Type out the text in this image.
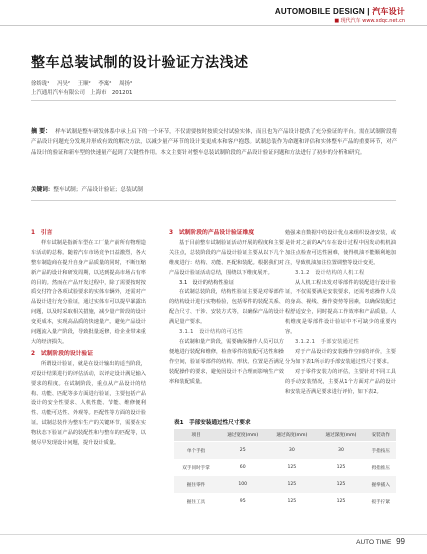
AUTOMOBILE DESIGN | 汽车设计
■ 现代汽车 www.xdqc.net.cn
整车总装试制的设计验证方法浅述
徐娇珑¹ 冯昊² 王顺² 李寓² 周扬³
上汽通用汽车有限公司　上海市　201201
摘 要： 样车试制是整车研发体系中承上启下的一个环节，不仅需要按时按质交付试验实体，而且也为产品设计提供了充分验证的平台。需在试制阶段将产品设计问题充分发现并形成有效的解决方法，以减少量产环节的设计变更成本和客户抱怨。试制总装作为命题和评估和实体整车产品的重要环节，对产品设计的验证和新车型的快速量产起到了关键性作用。本文主要针对整车总装试制阶段的产品设计验证问题和方法进行了初步的分析和研究。
关键词：整车试制；产品设计验证；总装试制
1　引言

样车试制是指新车型在工厂量产前所有物理造车活动的总称。随着汽车市场竞争日益激烈，各大整车制造商在提升自身产品质量的同时，不断压缩新产品的设计和研发周期，以达到提高市场占有率的目的。然而在产品开发过程中，除了需要按时按质交付符合各项试验要求的实体车辆外，还需对产品设计进行充分验证，通过实体车可以提早暴露出问题，以及时采取相关措施，减少量产阶段的设计变更成本，实现高品质的快速量产。避免产品设计问题流入量产阶段，导致批量返修，给企业带来重大的经济损失。

2　试制阶段的设计验证

所谓设计验证，就是在设计输出的适当阶段，对设计结果进行的评估活动，以评定设计满足输入要求的程度。在试制阶段，重点从产品设计的结构、功能、匹配等多方面进行验证，主要包括产品设计的安全性要求、人机性能、节能、维修便利性、功能可达性、外观等。匹配性等方面的设计验证。试制总装作为整车生产的关键环节，需要在实物状态下验证产品的装配性和与整车的匹配等，以便尽早发现设计问题，提升设计质量。

3　试制阶段的产品设计验证维度

基于目前整车试制验证活动开展的程度和主要关注点，总装阶段的产品设计验证主要从以下几个维度进行：结构、功能、匹配和装配。根据我们对产品设计验证活动总结，围绕以下维度展开。

3.1　设计的结构性验证

在试制总装阶段，结构性验证主要是对零部件的结构设计进行实物检验，包括零件的装配关系、配合尺寸、干涉、安装方式等，以确保产品的设计满足量产要求。

3.1.1　设计结构的可达性

在试制和量产阶段，需要确保操作人员可以方便地进行装配和维修，检查零件的装配可达性和操作空间，验证零部件的结构、形状、位置是否满足装配操作的要求，避免因设计不合理而影响生产效率和装配质量。

勉强来自数据中的设计优点来组织设备安装，或是针对之前的A汽车在设计过程中因发动机机油加注点检查可达性困难，使得机油不能顺利地加注，导致机油加注位置调整等设计变更。

3.1.2　设计结构的人机工程

从人机工程出发对零部件的装配进行设计验证，不仅需要满足安装要求，还需考虑操作人员的身高、视线、操作姿势等因素，以确保装配过程舒适安全，同时提高工作效率和产品质量。人机维度是零部件设计验证中不可缺少的重要内容。

3.1.2.1　手部安装通过性

对于产品设计的安装操作空间的评价，主要分为如下表1所示的手部安装通过性尺寸要求。

对于零件安装力的评估，主要针对不同工具的手动安装情况，主要从1个方面对产品的设计和安装是否满足要求进行评价，如下表2。

表1　手部安装通过性尺寸要求
项目	通过宽度(mm)	通过高度(mm)	通过深度(mm)	安装动作
单个手指	25	30	30	手指按压
双手同时手掌	60	125	125	拇指推压
握住零件	100	125	125	握拳插入
握住工具	95	125	125	扳手拧紧
AUTO TIME 99
